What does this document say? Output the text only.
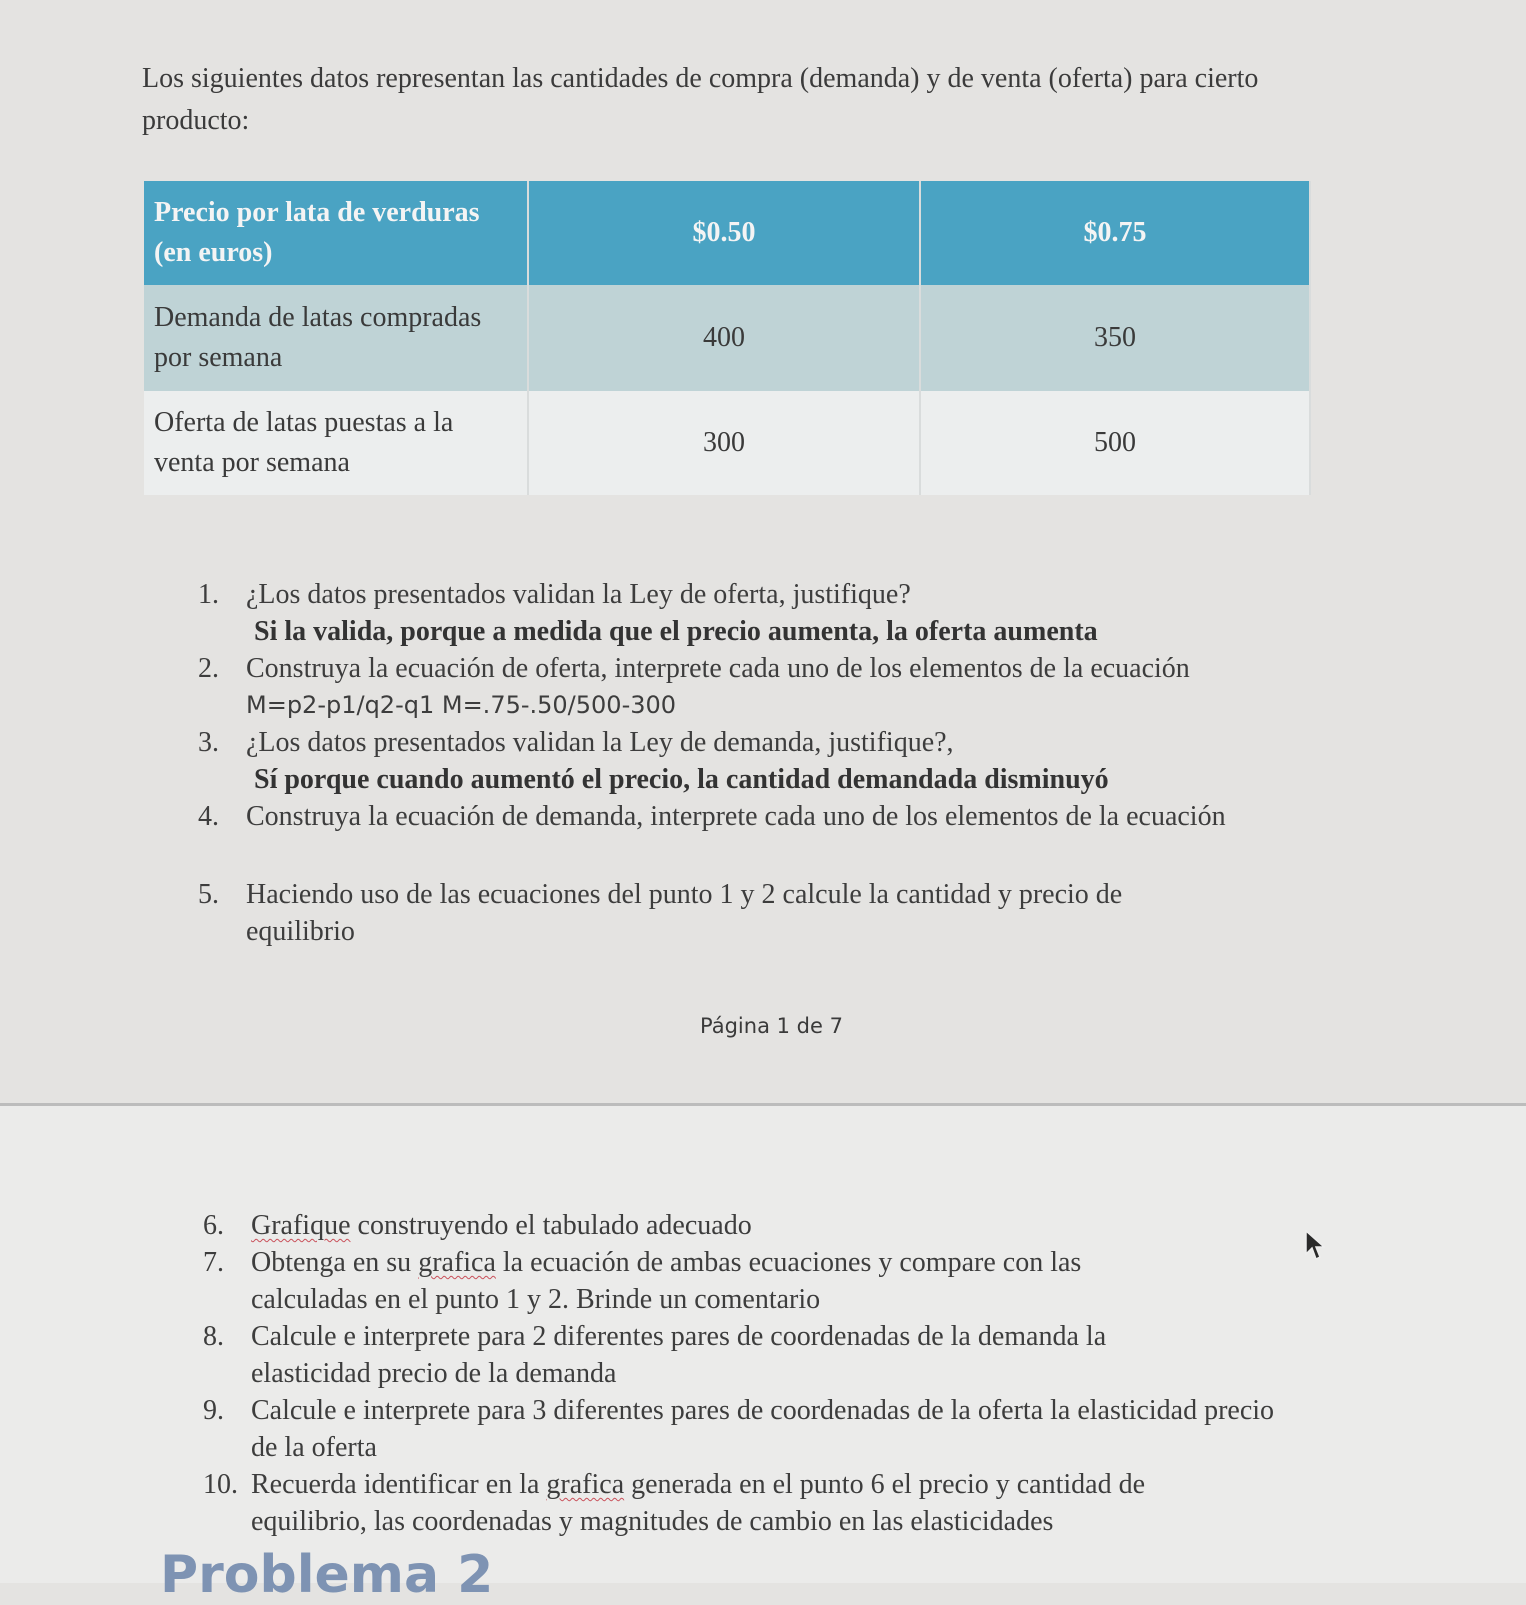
Los siguientes datos representan las cantidades de compra (demanda) y de venta (oferta) para cierto producto:
Precio por lata de verduras (en euros)	$0.50	$0.75
Demanda de latas compradas por semana	400	350
Oferta de latas puestas a la venta por semana	300	500
1. ¿Los datos presentados validan la Ley de oferta, justifique?
Si la valida, porque a medida que el precio aumenta, la oferta aumenta
2. Construya la ecuación de oferta, interprete cada uno de los elementos de la ecuación
M=p2-p1/q2-q1 M=.75-.50/500-300
3. ¿Los datos presentados validan la Ley de demanda, justifique?,
Sí porque cuando aumentó el precio, la cantidad demandada disminuyó
4. Construya la ecuación de demanda, interprete cada uno de los elementos de la ecuación
5. Haciendo uso de las ecuaciones del punto 1 y 2 calcule la cantidad y precio de equilibrio
Página 1 de 7
6. Grafique construyendo el tabulado adecuado
7. Obtenga en su grafica la ecuación de ambas ecuaciones y compare con las calculadas en el punto 1 y 2. Brinde un comentario
8. Calcule e interprete para 2 diferentes pares de coordenadas de la demanda la elasticidad precio de la demanda
9. Calcule e interprete para 3 diferentes pares de coordenadas de la oferta la elasticidad precio de la oferta
10. Recuerda identificar en la grafica generada en el punto 6 el precio y cantidad de equilibrio, las coordenadas y magnitudes de cambio en las elasticidades
Problema 2
